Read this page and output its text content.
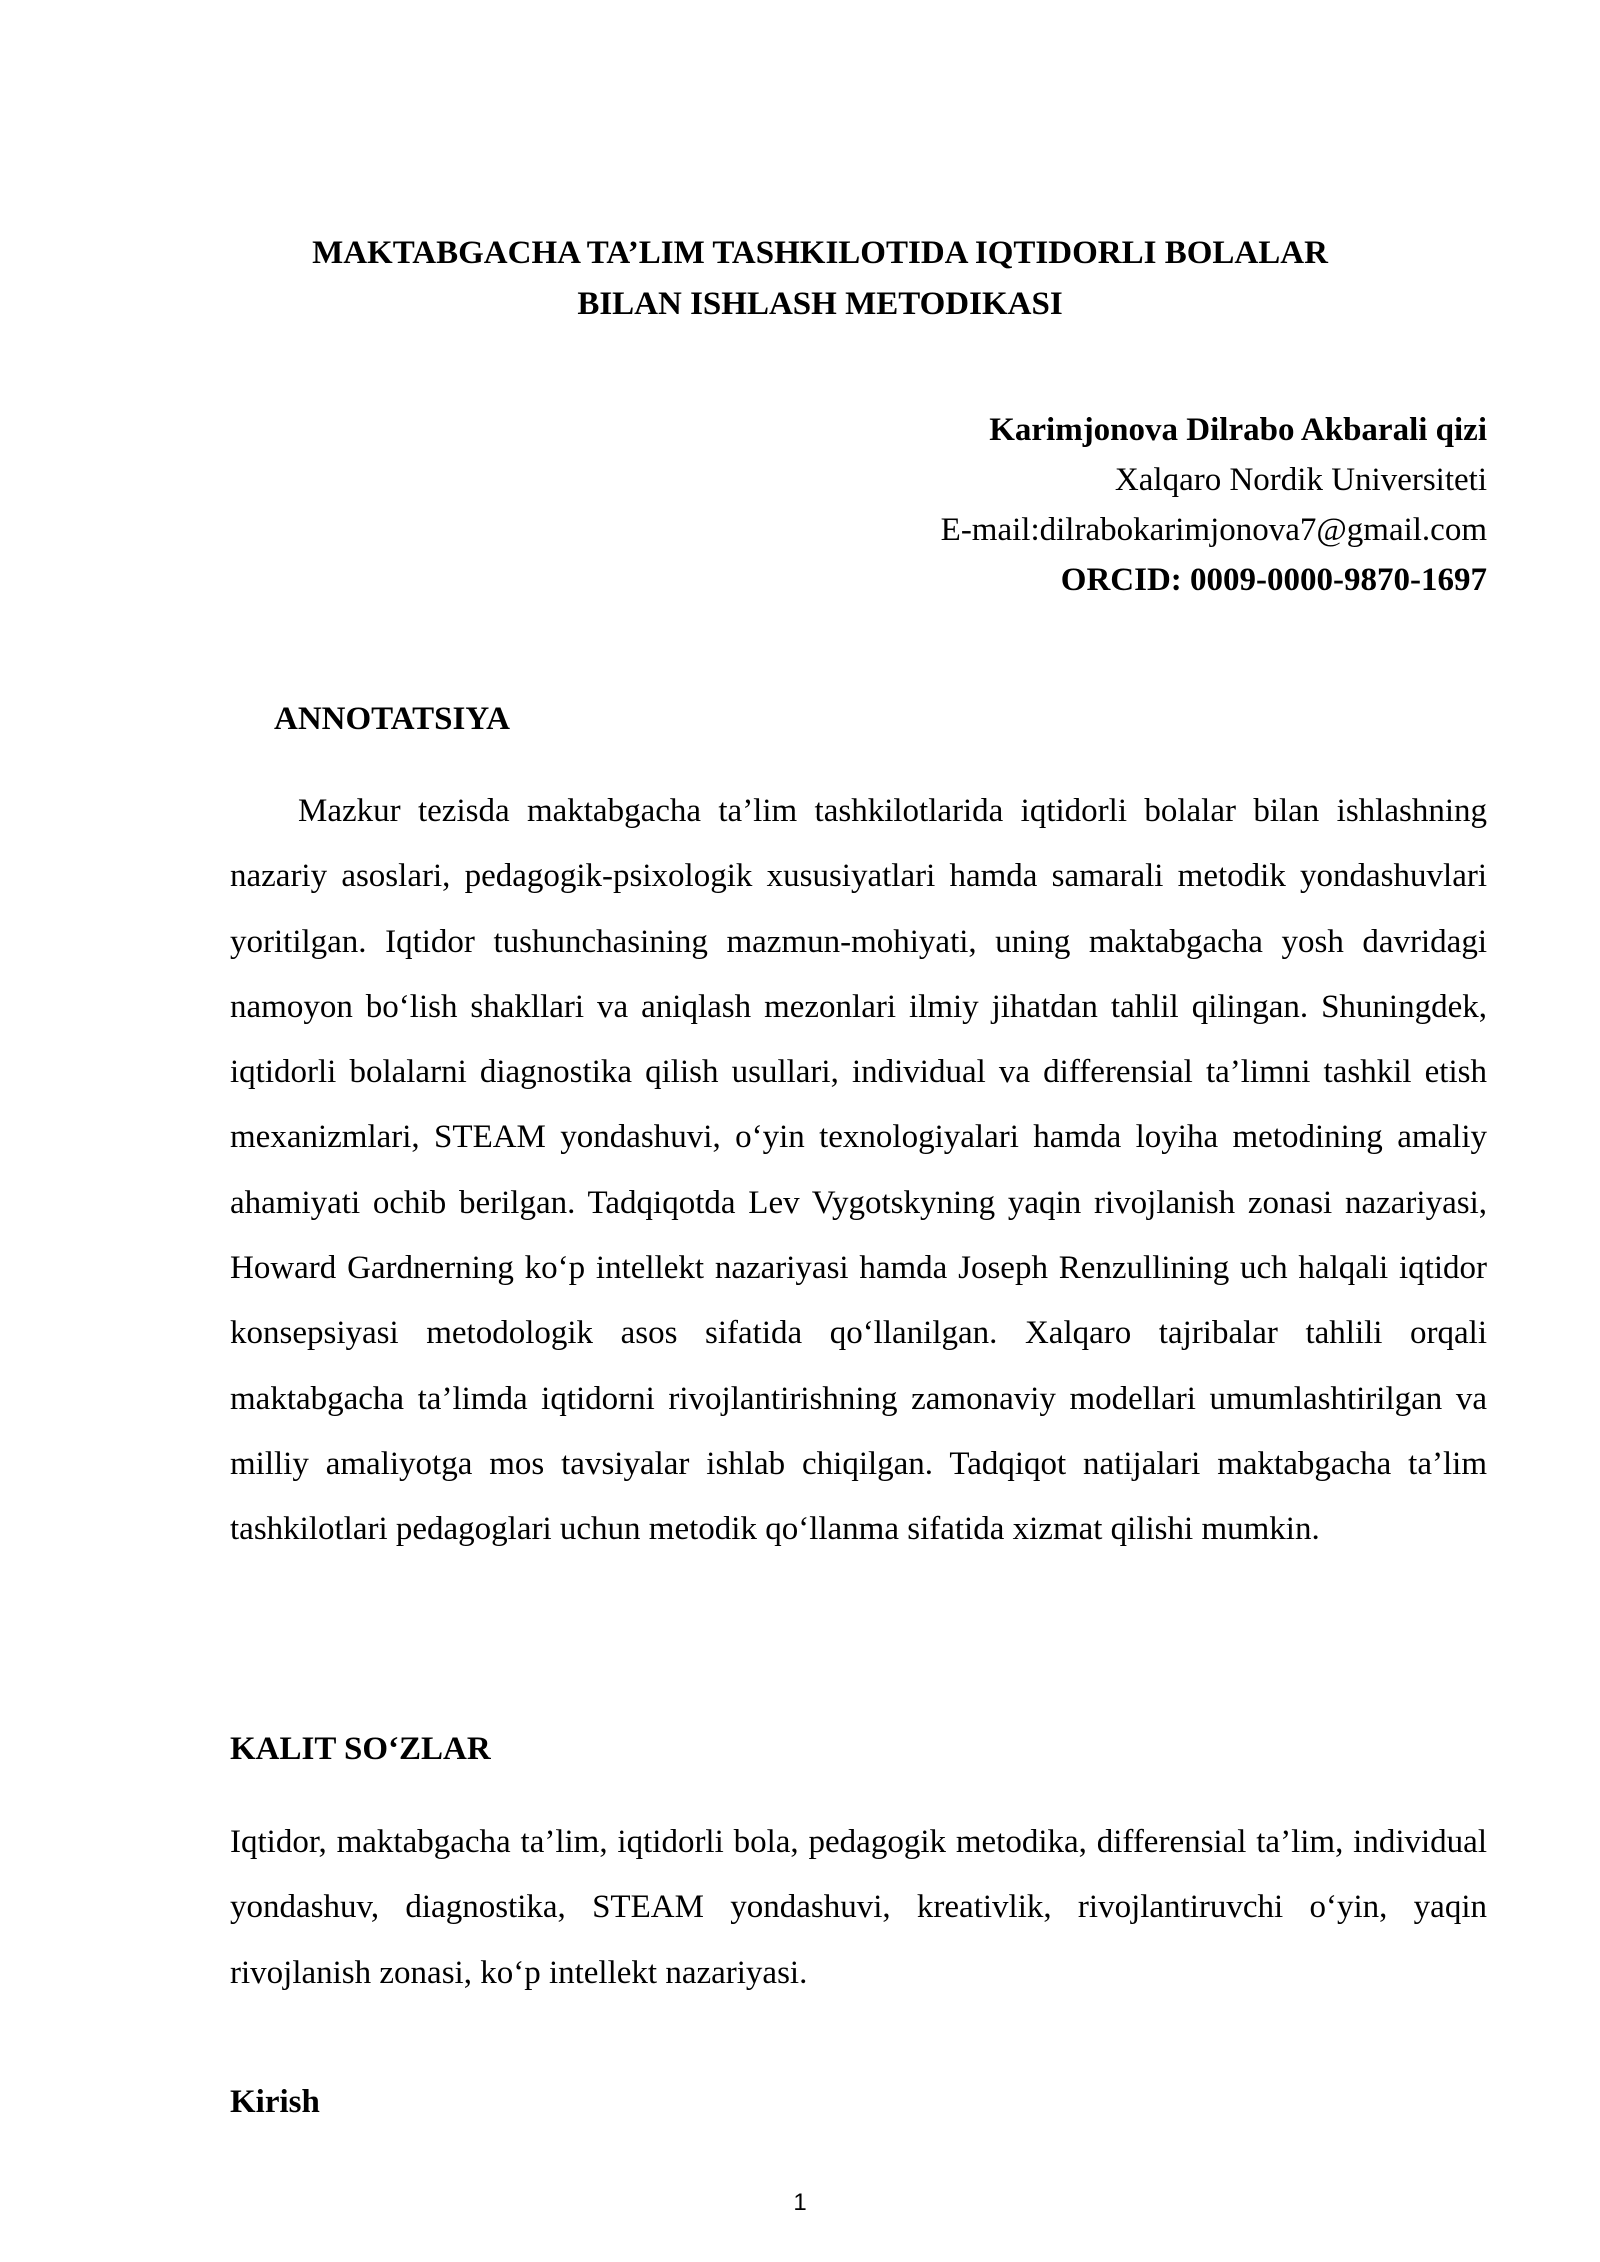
MAKTABGACHA TA’LIM TASHKILOTIDA IQTIDORLI BOLALAR
BILAN ISHLASH METODIKASI
Karimjonova Dilrabo Akbarali qizi
Xalqaro Nordik Universiteti
E-mail:dilrabokarimjonova7@gmail.com
ORCID: 0009-0000-9870-1697
ANNOTATSIYA

Mazkur tezisda maktabgacha ta’lim tashkilotlarida iqtidorli bolalar bilan ishlashning nazariy asoslari, pedagogik-psixologik xususiyatlari hamda samarali metodik yondashuvlari yoritilgan. Iqtidor tushunchasining mazmun-mohiyati, uning maktabgacha yosh davridagi namoyon bo‘lish shakllari va aniqlash mezonlari ilmiy jihatdan tahlil qilingan. Shuningdek, iqtidorli bolalarni diagnostika qilish usullari, individual va differensial ta’limni tashkil etish mexanizmlari, STEAM yondashuvi, o‘yin texnologiyalari hamda loyiha metodining amaliy ahamiyati ochib berilgan. Tadqiqotda Lev Vygotskyning yaqin rivojlanish zonasi nazariyasi, Howard Gardnerning ko‘p intellekt nazariyasi hamda Joseph Renzullining uch halqali iqtidor konsepsiyasi metodologik asos sifatida qo‘llanilgan. Xalqaro tajribalar tahlili orqali maktabgacha ta’limda iqtidorni rivojlantirishning zamonaviy modellari umumlashtirilgan va milliy amaliyotga mos tavsiyalar ishlab chiqilgan. Tadqiqot natijalari maktabgacha ta’lim tashkilotlari pedagoglari uchun metodik qo‘llanma sifatida xizmat qilishi mumkin.

KALIT SO‘ZLAR

Iqtidor, maktabgacha ta’lim, iqtidorli bola, pedagogik metodika, differensial ta’lim, individual yondashuv, diagnostika, STEAM yondashuvi, kreativlik, rivojlantiruvchi o‘yin, yaqin rivojlanish zonasi, ko‘p intellekt nazariyasi.

Kirish
1
